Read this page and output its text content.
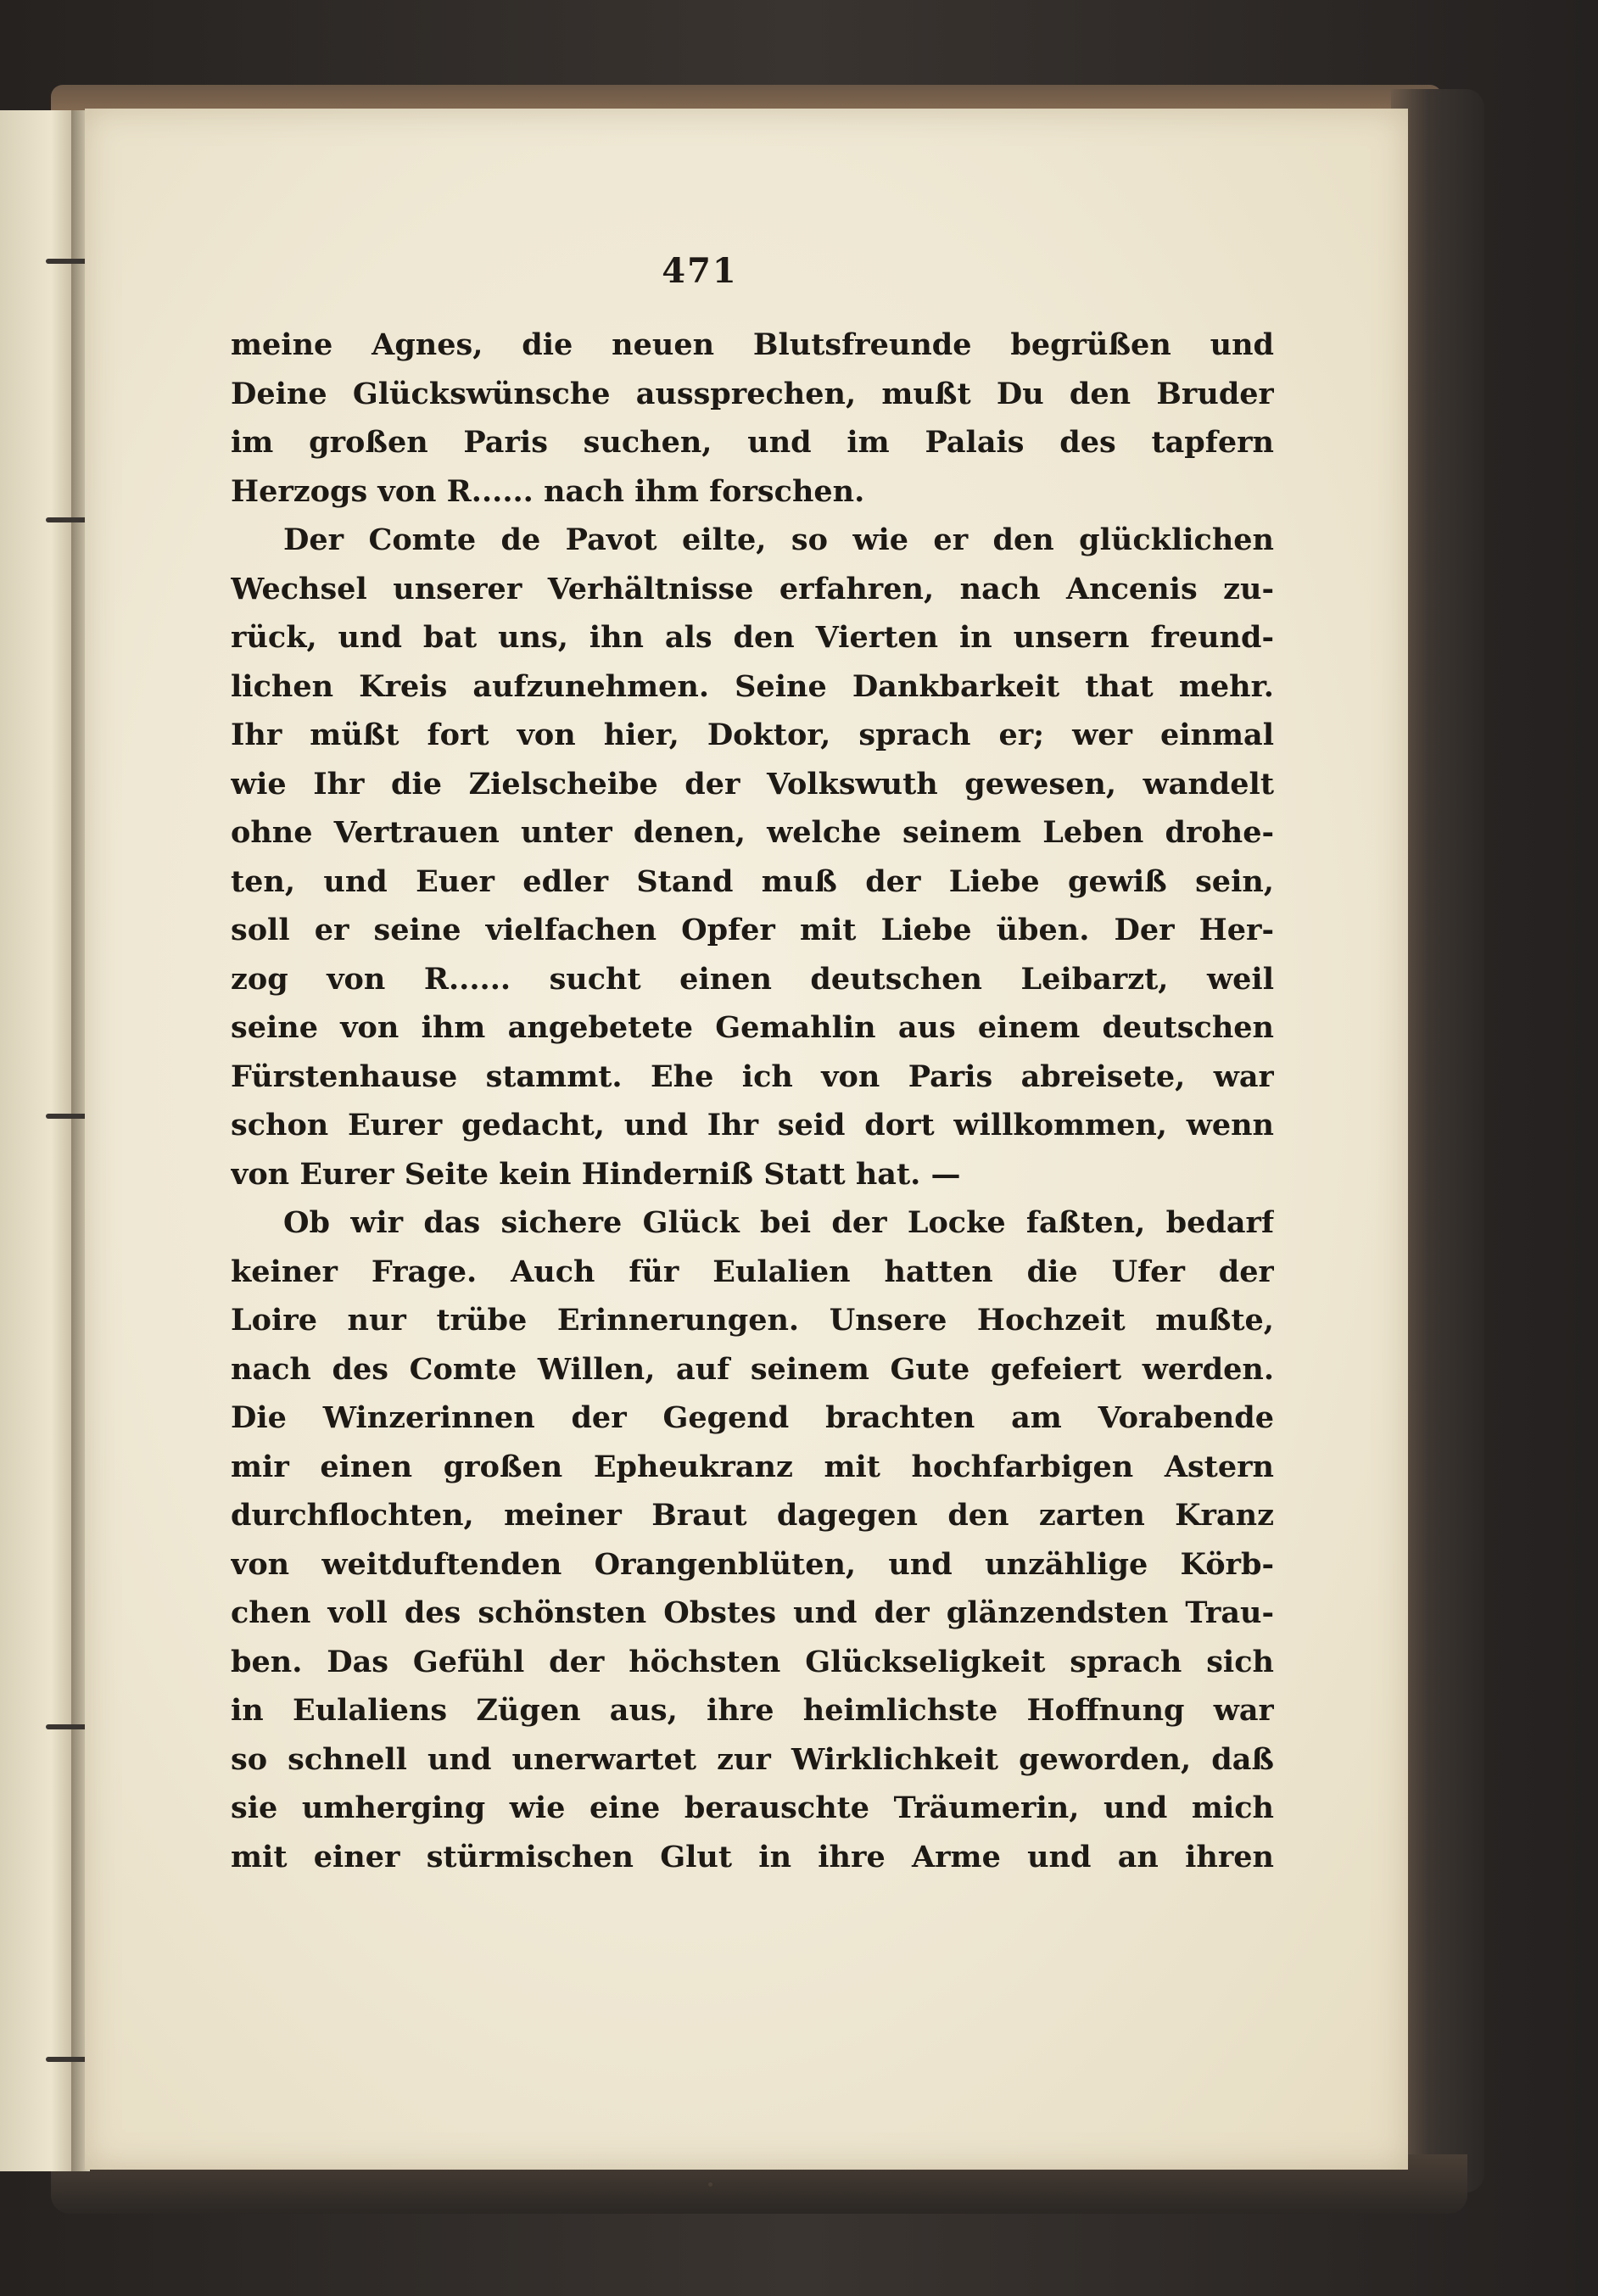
471
meine Agnes, die neuen Blutsfreunde begrüßen und
Deine Glückswünsche aussprechen, mußt Du den Bruder
im großen Paris suchen, und im Palais des tapfern
Herzogs von R...... nach ihm forschen.
Der Comte de Pavot eilte, so wie er den glücklichen
Wechsel unserer Verhältnisse erfahren, nach Ancenis zu-
rück, und bat uns, ihn als den Vierten in unsern freund-
lichen Kreis aufzunehmen. Seine Dankbarkeit that mehr.
Ihr müßt fort von hier, Doktor, sprach er; wer einmal
wie Ihr die Zielscheibe der Volkswuth gewesen, wandelt
ohne Vertrauen unter denen, welche seinem Leben drohe-
ten, und Euer edler Stand muß der Liebe gewiß sein,
soll er seine vielfachen Opfer mit Liebe üben. Der Her-
zog von R...... sucht einen deutschen Leibarzt, weil
seine von ihm angebetete Gemahlin aus einem deutschen
Fürstenhause stammt. Ehe ich von Paris abreisete, war
schon Eurer gedacht, und Ihr seid dort willkommen, wenn
von Eurer Seite kein Hinderniß Statt hat. —
Ob wir das sichere Glück bei der Locke faßten, bedarf
keiner Frage. Auch für Eulalien hatten die Ufer der
Loire nur trübe Erinnerungen. Unsere Hochzeit mußte,
nach des Comte Willen, auf seinem Gute gefeiert werden.
Die Winzerinnen der Gegend brachten am Vorabende
mir einen großen Epheukranz mit hochfarbigen Astern
durchflochten, meiner Braut dagegen den zarten Kranz
von weitduftenden Orangenblüten, und unzählige Körb-
chen voll des schönsten Obstes und der glänzendsten Trau-
ben. Das Gefühl der höchsten Glückseligkeit sprach sich
in Eulaliens Zügen aus, ihre heimlichste Hoffnung war
so schnell und unerwartet zur Wirklichkeit geworden, daß
sie umherging wie eine berauschte Träumerin, und mich
mit einer stürmischen Glut in ihre Arme und an ihren
